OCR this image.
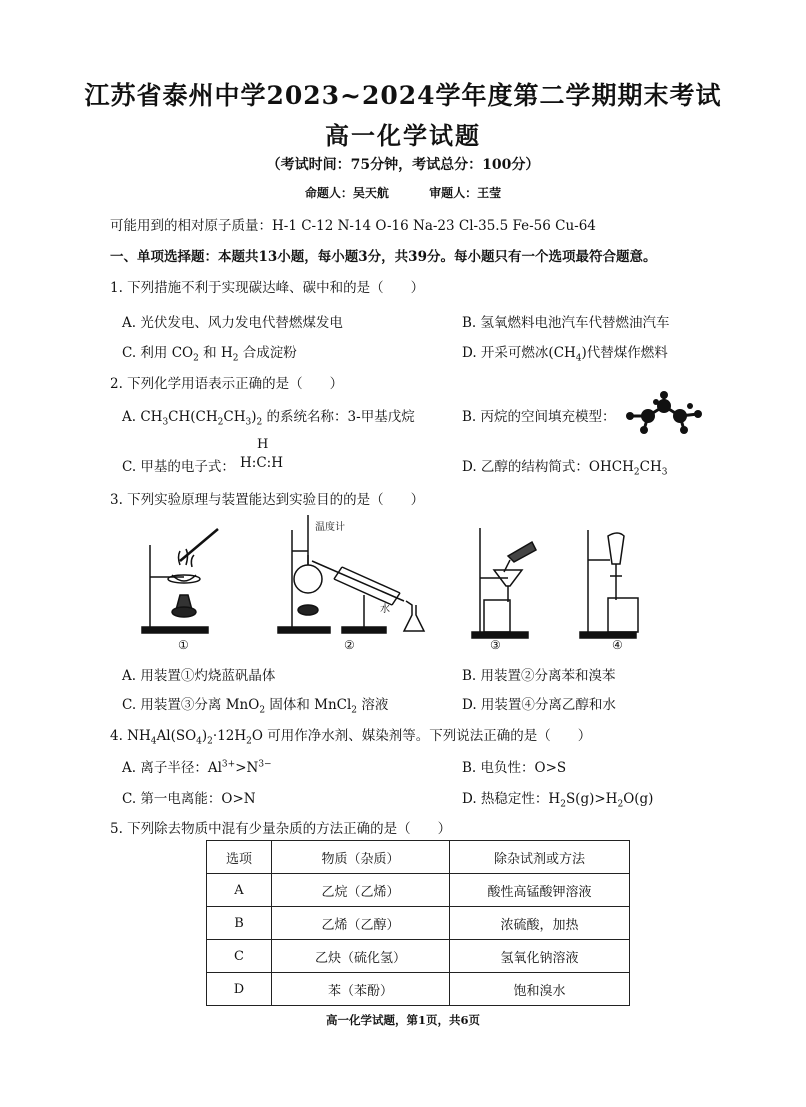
江苏省泰州中学2023~2024学年度第二学期期末考试
高一化学试题
（考试时间：75分钟，考试总分：100分）
命题人：吴天航	审题人：王莹
可能用到的相对原子质量：H-1 C-12 N-14 O-16 Na-23 Cl-35.5 Fe-56 Cu-64
一、单项选择题：本题共13小题，每小题3分，共39分。每小题只有一个选项最符合题意。
1. 下列措施不利于实现碳达峰、碳中和的是（　　）
A. 光伏发电、风力发电代替燃煤发电	B. 氢氧燃料电池汽车代替燃油汽车
C. 利用 $CO_2$ 和 $H_2$ 合成淀粉	D. 开采可燃冰$(CH_4)$代替煤作燃料
2. 下列化学用语表示正确的是（　　）
A. $CH_3CH(CH_2CH_3)_2$ 的系统名称：3-甲基戊烷	B. 丙烷的空间填充模型：
C. 甲基的电子式：
H
H:C:H	D. 乙醇的结构简式：$OHCH_2CH_3$
3. 下列实验原理与装置能达到实验目的的是（　　）
①
温度计
水
②	③	④
A. 用装置①灼烧蓝矾晶体	B. 用装置②分离苯和溴苯
C. 用装置③分离 MnO$_2$ 固体和 MnCl$_2$ 溶液	D. 用装置④分离乙醇和水
4. $NH_4Al(SO_4)_2\cdot 12H_2O$ 可用作净水剂、媒染剂等。下列说法正确的是（　　）
A. 离子半径：$Al^{3+}>N^{3-}$	B. 电负性：O>S
C. 第一电离能：O>N	D. 热稳定性：$H_2S(g)>H_2O(g)$
5. 下列除去物质中混有少量杂质的方法正确的是（　　）
选项	物质（杂质）	除杂试剂或方法
A	乙烷（乙烯）	酸性高锰酸钾溶液
B	乙烯（乙醇）	浓硫酸，加热
C	乙炔（硫化氢）	氢氧化钠溶液
D	苯（苯酚）	饱和溴水
高一化学试题，第1页，共6页
